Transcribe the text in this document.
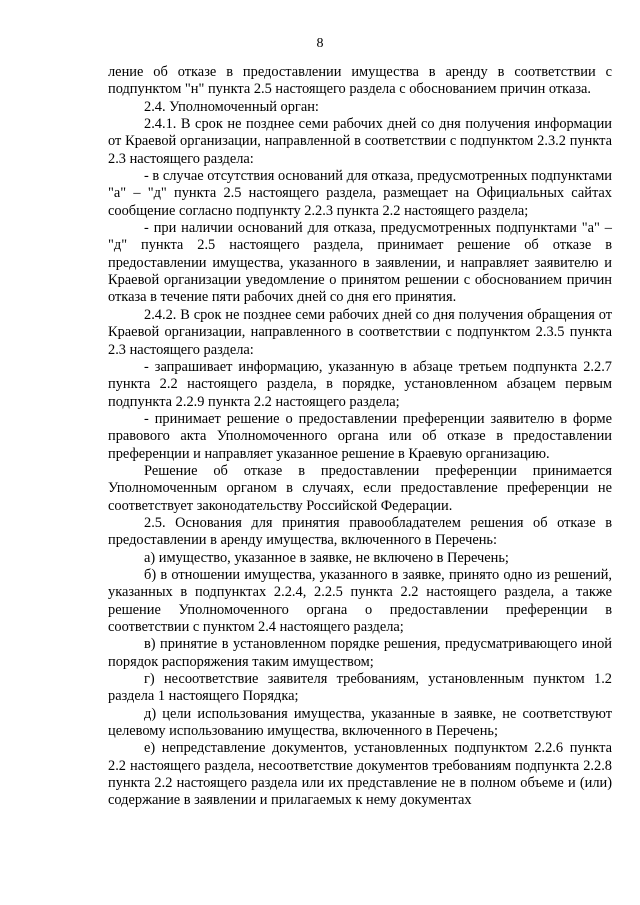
8

ление об отказе в предоставлении имущества в аренду в соответствии с подпунктом "н" пункта 2.5 настоящего раздела с обоснованием причин отказа.

2.4. Уполномоченный орган:

2.4.1. В срок не позднее семи рабочих дней со дня получения информации от Краевой организации, направленной в соответствии с подпунктом 2.3.2 пункта 2.3 настоящего раздела:

- в случае отсутствия оснований для отказа, предусмотренных подпунктами "а" – "д" пункта 2.5 настоящего раздела, размещает на Официальных сайтах сообщение согласно подпункту 2.2.3 пункта 2.2 настоящего раздела;

- при наличии оснований для отказа, предусмотренных подпунктами "а" – "д" пункта 2.5 настоящего раздела, принимает решение об отказе в предоставлении имущества, указанного в заявлении, и направляет заявителю и Краевой организации уведомление о принятом решении с обоснованием причин отказа в течение пяти рабочих дней со дня его принятия.

2.4.2. В срок не позднее семи рабочих дней со дня получения обращения от Краевой организации, направленного в соответствии с подпунктом 2.3.5 пункта 2.3 настоящего раздела:

- запрашивает информацию, указанную в абзаце третьем подпункта 2.2.7 пункта 2.2 настоящего раздела, в порядке, установленном абзацем первым подпункта 2.2.9 пункта 2.2 настоящего раздела;

- принимает решение о предоставлении преференции заявителю в форме правового акта Уполномоченного органа или об отказе в предоставлении преференции и направляет указанное решение в Краевую организацию.

Решение об отказе в предоставлении преференции принимается Уполномоченным органом в случаях, если предоставление преференции не соответствует законодательству Российской Федерации.

2.5. Основания для принятия правообладателем решения об отказе в предоставлении в аренду имущества, включенного в Перечень:

а) имущество, указанное в заявке, не включено в Перечень;

б) в отношении имущества, указанного в заявке, принято одно из решений, указанных в подпунктах 2.2.4, 2.2.5 пункта 2.2 настоящего раздела, а также решение Уполномоченного органа о предоставлении преференции в соответствии с пунктом 2.4 настоящего раздела;

в) принятие в установленном порядке решения, предусматривающего иной порядок распоряжения таким имуществом;

г) несоответствие заявителя требованиям, установленным пунктом 1.2 раздела 1 настоящего Порядка;

д) цели использования имущества, указанные в заявке, не соответствуют целевому использованию имущества, включенного в Перечень;

е) непредставление документов, установленных подпунктом 2.2.6 пункта 2.2 настоящего раздела, несоответствие документов требованиям подпункта 2.2.8 пункта 2.2 настоящего раздела или их представление не в полном объеме и (или) содержание в заявлении и прилагаемых к нему документах
